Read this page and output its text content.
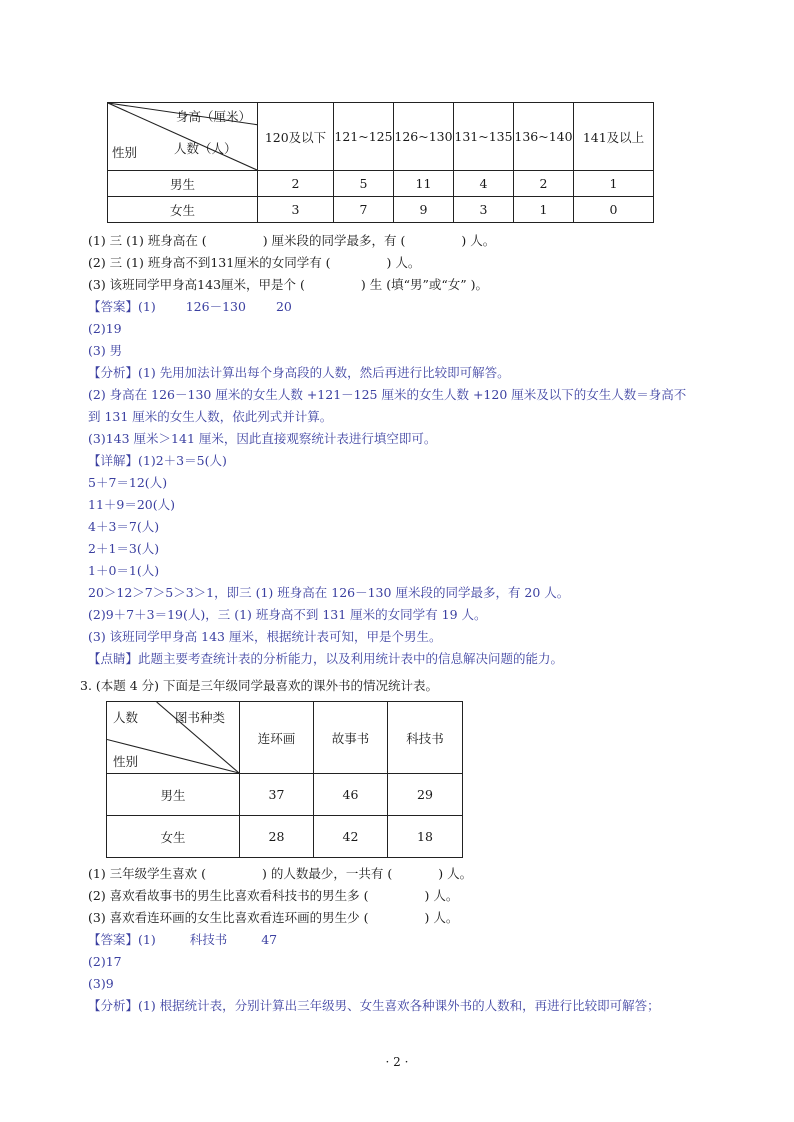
身高（厘米）
人数（人）
性别	120及以下	121~125	126~130	131~135	136~140	141及以上
男生	2	5	11	4	2	1
女生	3	7	9	3	1	0
(1) 三 (1) 班身高在 (	) 厘米段的同学最多，有 (	) 人。
(2) 三 (1) 班身高不到131厘米的女同学有 (	) 人。
(3) 该班同学甲身高143厘米，甲是个 (	) 生 (填“男”或“女” )。
【答案】(1) 126－130 20
(2)19
(3) 男
【分析】(1) 先用加法计算出每个身高段的人数，然后再进行比较即可解答。
(2) 身高在 126－130 厘米的女生人数 +121－125 厘米的女生人数 +120 厘米及以下的女生人数＝身高不
到 131 厘米的女生人数，依此列式并计算。
(3)143 厘米＞141 厘米，因此直接观察统计表进行填空即可。
【详解】(1)2＋3＝5(人)
5＋7＝12(人)
11＋9＝20(人)
4＋3＝7(人)
2＋1＝3(人)
1＋0＝1(人)
20＞12＞7＞5＞3＞1，即三 (1) 班身高在 126－130 厘米段的同学最多，有 20 人。
(2)9＋7＋3＝19(人)，三 (1) 班身高不到 131 厘米的女同学有 19 人。
(3) 该班同学甲身高 143 厘米，根据统计表可知，甲是个男生。
【点睛】此题主要考查统计表的分析能力，以及利用统计表中的信息解决问题的能力。
3. (本题 4 分) 下面是三年级同学最喜欢的课外书的情况统计表。
人数 图书种类
性别	连环画	故事书	科技书
男生	37	46	29
女生	28	42	18
(1) 三年级学生喜欢 (	) 的人数最少，一共有 (	) 人。
(2) 喜欢看故事书的男生比喜欢看科技书的男生多 (	) 人。
(3) 喜欢看连环画的女生比喜欢看连环画的男生少 (	) 人。
【答案】(1)	科技书	47
(2)17
(3)9
【分析】(1) 根据统计表，分别计算出三年级男、女生喜欢各种课外书的人数和，再进行比较即可解答；
· 2 ·
